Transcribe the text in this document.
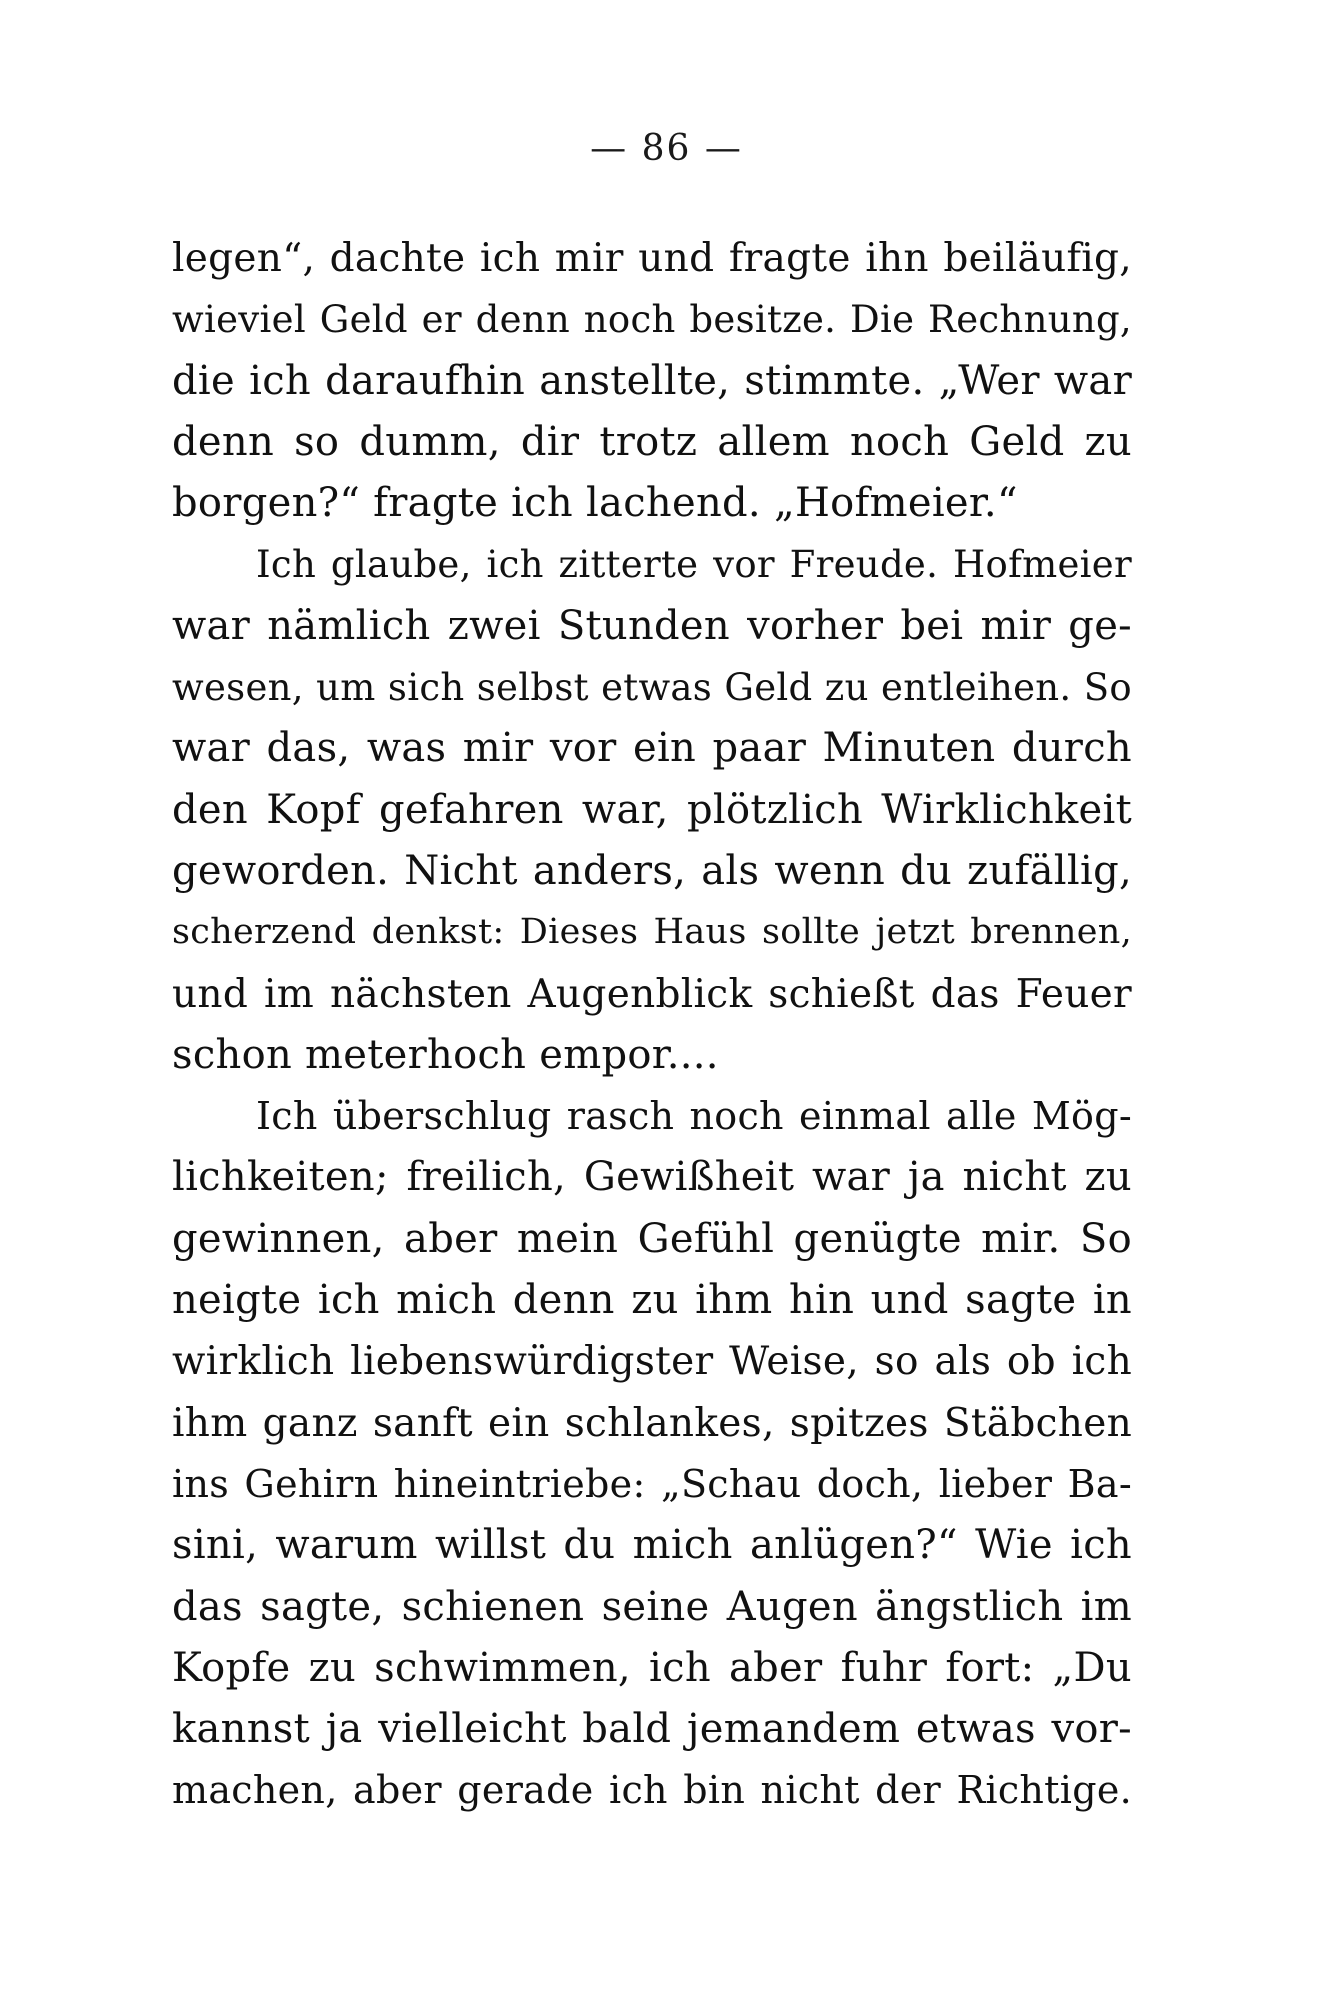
— 86 —
legen“, dachte ich mir und fragte ihn beiläufig,
wieviel Geld er denn noch besitze. Die Rechnung,
die ich daraufhin anstellte, stimmte. „Wer war
denn so dumm, dir trotz allem noch Geld zu
borgen?“ fragte ich lachend. „Hofmeier.“
Ich glaube, ich zitterte vor Freude. Hofmeier
war nämlich zwei Stunden vorher bei mir ge-
wesen, um sich selbst etwas Geld zu entleihen. So
war das, was mir vor ein paar Minuten durch
den Kopf gefahren war, plötzlich Wirklichkeit
geworden. Nicht anders, als wenn du zufällig,
scherzend denkst: Dieses Haus sollte jetzt brennen,
und im nächsten Augenblick schießt das Feuer
schon meterhoch empor....
Ich überschlug rasch noch einmal alle Mög-
lichkeiten; freilich, Gewißheit war ja nicht zu
gewinnen, aber mein Gefühl genügte mir. So
neigte ich mich denn zu ihm hin und sagte in
wirklich liebenswürdigster Weise, so als ob ich
ihm ganz sanft ein schlankes, spitzes Stäbchen
ins Gehirn hineintriebe: „Schau doch, lieber Ba-
sini, warum willst du mich anlügen?“ Wie ich
das sagte, schienen seine Augen ängstlich im
Kopfe zu schwimmen, ich aber fuhr fort: „Du
kannst ja vielleicht bald jemandem etwas vor-
machen, aber gerade ich bin nicht der Richtige.
